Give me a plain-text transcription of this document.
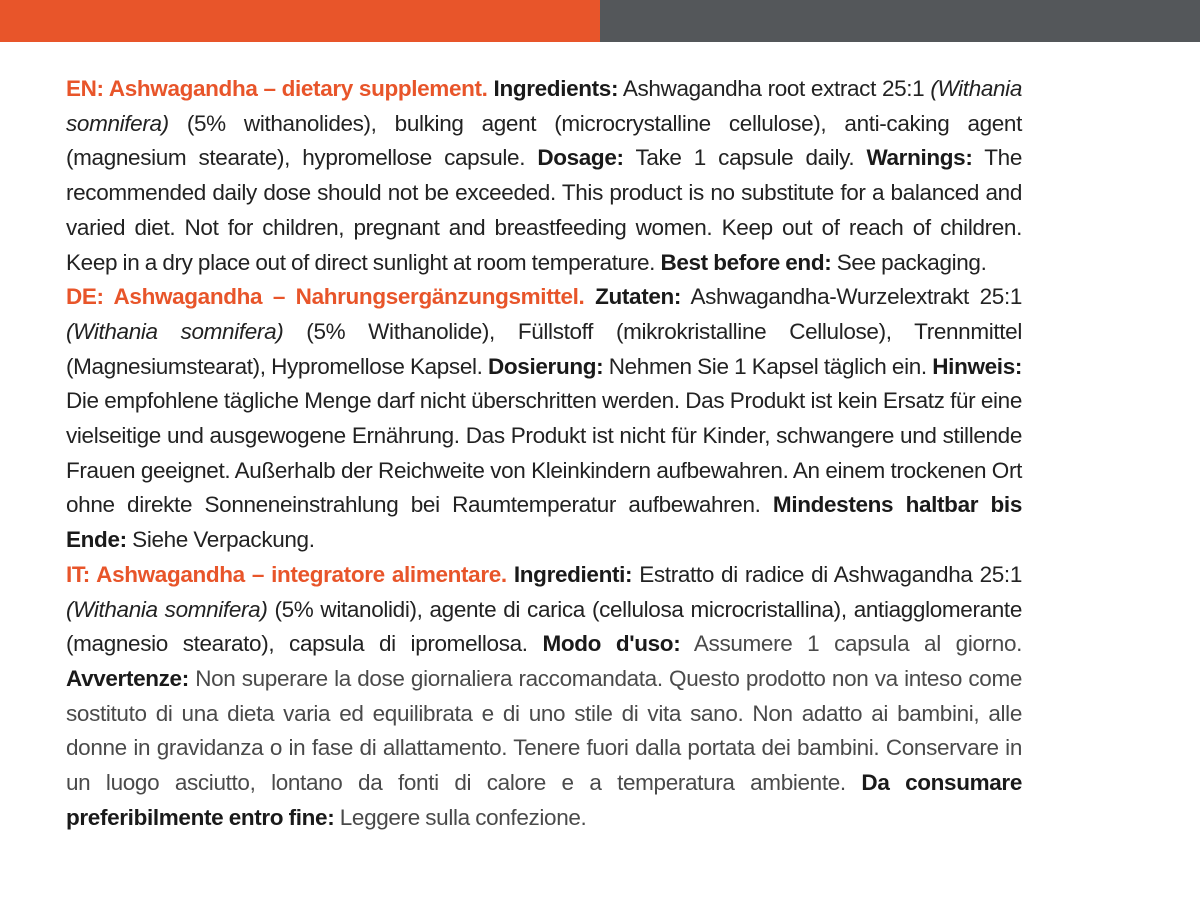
EN: Ashwagandha – dietary supplement. Ingredients: Ashwagandha root extract 25:1 (Withania somnifera) (5% withanolides), bulking agent (microcrystalline cellulose), anti-caking agent (magnesium stearate), hypromellose capsule. Dosage: Take 1 capsule daily. Warnings: The recommended daily dose should not be exceeded. This product is no substitute for a balanced and varied diet. Not for children, pregnant and breastfeeding women. Keep out of reach of children. Keep in a dry place out of direct sunlight at room temperature. Best before end: See packaging.

DE: Ashwagandha – Nahrungsergänzungsmittel. Zutaten: Ashwagandha-Wurzelextrakt 25:1 (Withania somnifera) (5% Withanolide), Füllstoff (mikrokristalline Cellulose), Trennmittel (Magnesiumstearat), Hypromellose Kapsel. Dosierung: Nehmen Sie 1 Kapsel täglich ein. Hinweis: Die empfohlene tägliche Menge darf nicht überschritten werden. Das Produkt ist kein Ersatz für eine vielseitige und ausgewogene Ernährung. Das Produkt ist nicht für Kinder, schwangere und stillende Frauen geeignet. Außerhalb der Reichweite von Kleinkindern aufbewahren. An einem trockenen Ort ohne direkte Sonneneinstrahlung bei Raumtemperatur aufbewahren. Mindestens haltbar bis Ende: Siehe Verpackung.

IT: Ashwagandha – integratore alimentare. Ingredienti: Estratto di radice di Ashwagandha 25:1 (Withania somnifera) (5% witanolidi), agente di carica (cellulosa microcristallina), antiagglomerante (magnesio stearato), capsula di ipromellosa. Modo d'uso: Assumere 1 capsula al giorno. Avvertenze: Non superare la dose giornaliera raccomandata. Questo prodotto non va inteso come sostituto di una dieta varia ed equilibrata e di uno stile di vita sano. Non adatto ai bambini, alle donne in gravidanza o in fase di allattamento. Tenere fuori dalla portata dei bambini. Conservare in un luogo asciutto, lontano da fonti di calore e a temperatura ambiente. Da consumare preferibilmente entro fine: Leggere sulla confezione.
